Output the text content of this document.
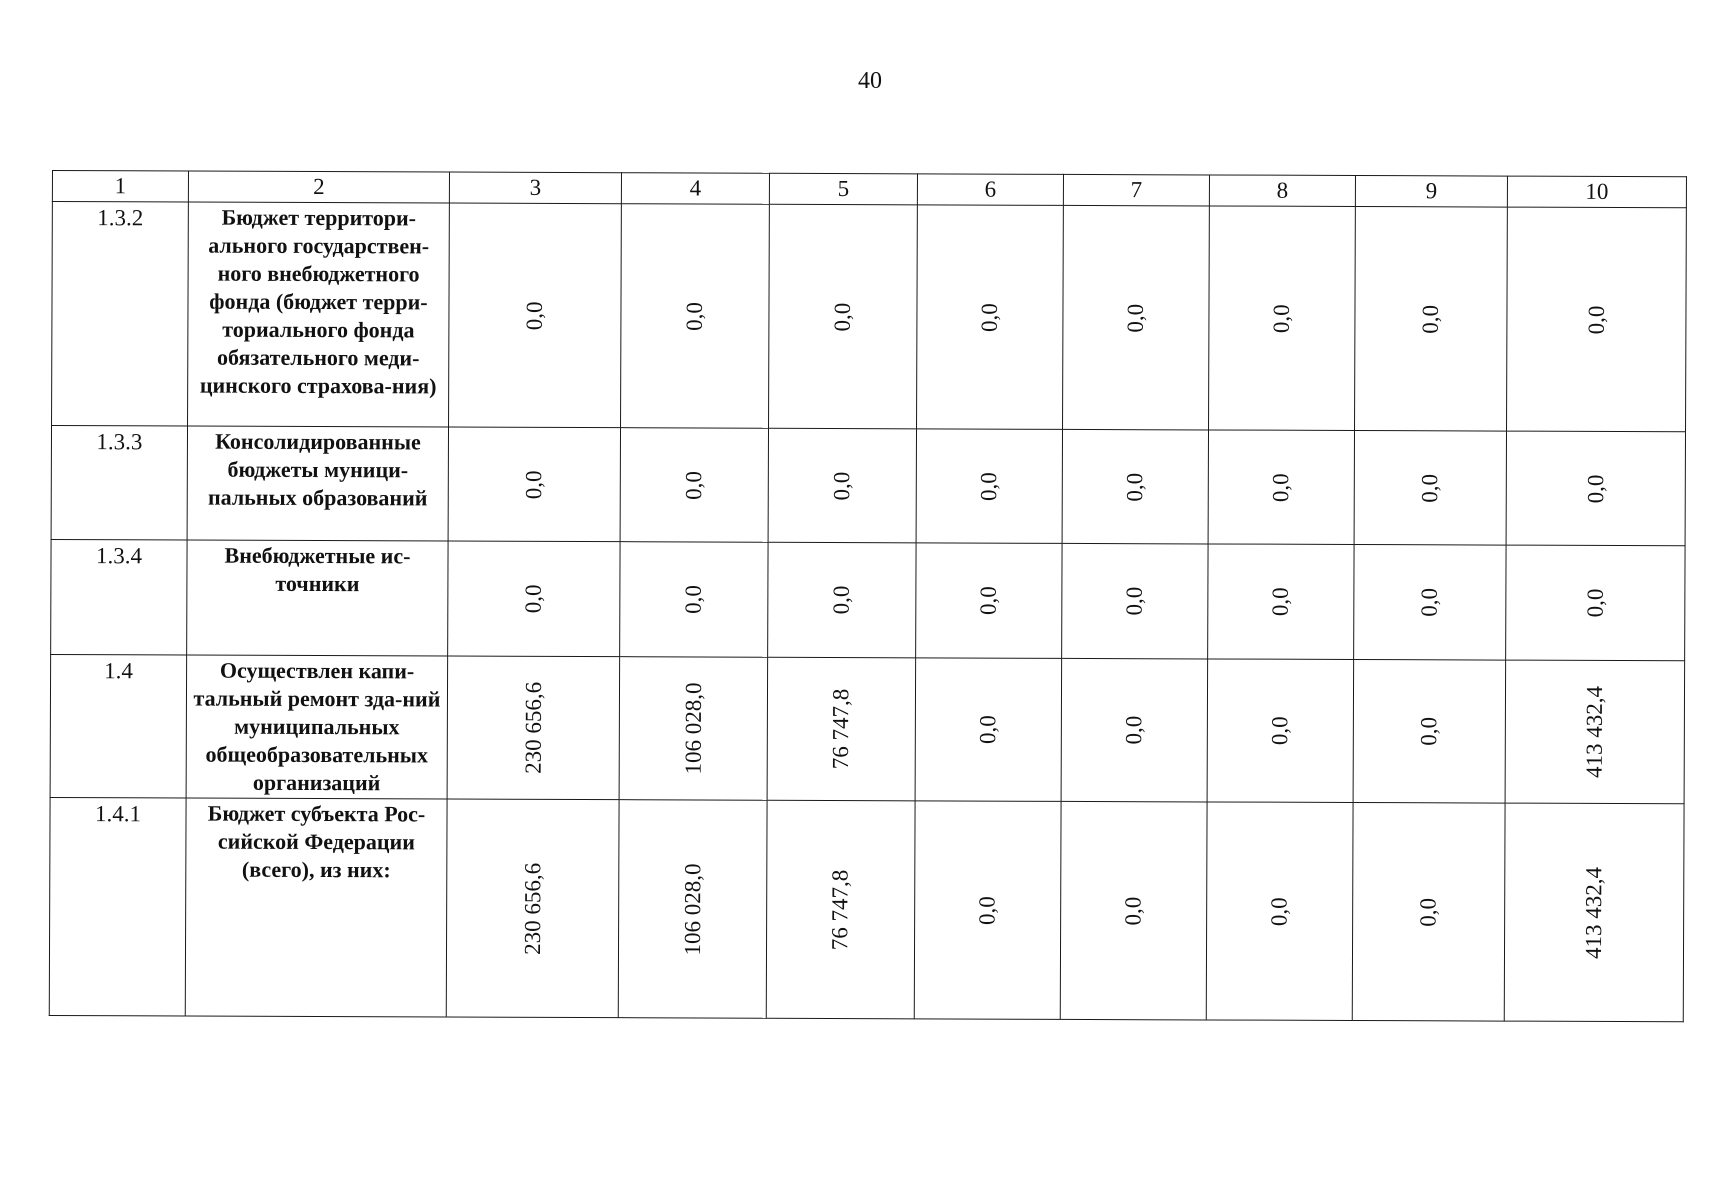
40
1	2	3	4	5	6	7	8	9	10
1.3.2	Бюджет территори-ального государствен-ного внебюджетного фонда (бюджет терри-ториального фонда обязательного меди-цинского страхова-ния)	0,0	0,0	0,0	0,0	0,0	0,0	0,0	0,0
1.3.3	Консолидированные бюджеты муници-пальных образований	0,0	0,0	0,0	0,0	0,0	0,0	0,0	0,0
1.3.4	Внебюджетные ис-точники	0,0	0,0	0,0	0,0	0,0	0,0	0,0	0,0
1.4	Осуществлен капи-тальный ремонт зда-ний муниципальных общеобразовательных организаций	230 656,6	106 028,0	76 747,8	0,0	0,0	0,0	0,0	413 432,4
1.4.1	Бюджет субъекта Рос-сийской Федерации (всего), из них:	230 656,6	106 028,0	76 747,8	0,0	0,0	0,0	0,0	413 432,4
